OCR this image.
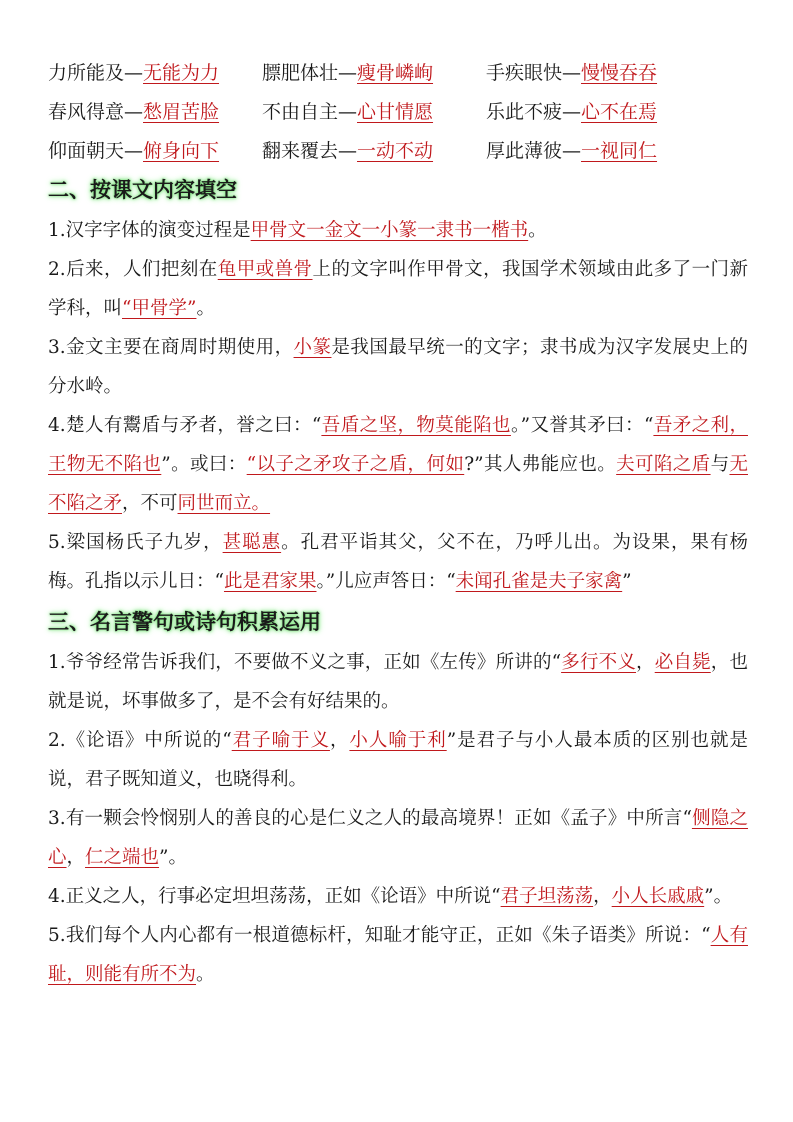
力所能及—无能为力	膘肥体壮—瘦骨嶙峋	手疾眼快—慢慢吞吞
春风得意—愁眉苦脸	不由自主—心甘情愿	乐此不疲—心不在焉
仰面朝天—俯身向下	翻来覆去—一动不动	厚此薄彼—一视同仁
二、按课文内容填空

1.汉字字体的演变过程是甲骨文一金文一小篆一隶书一楷书。

2.后来，人们把刻在龟甲或兽骨上的文字叫作甲骨文，我国学术领域由此多了一门新学科，叫“甲骨学”。

3.金文主要在商周时期使用，小篆是我国最早统一的文字；隶书成为汉字发展史上的分水岭。

4.楚人有鬻盾与矛者，誉之曰：“吾盾之坚，物莫能陷也。”又誉其矛曰：“吾矛之利，王物无不陷也”。或曰：“以子之矛攻子之盾，何如?”其人弗能应也。夫可陷之盾与无不陷之矛，不可同世而立。

5.梁国杨氏子九岁，甚聪惠。孔君平诣其父，父不在，乃呼儿出。为设果，果有杨梅。孔指以示儿日：“此是君家果。”儿应声答日：“未闻孔雀是夫子家禽”

三、名言警句或诗句积累运用

1.爷爷经常告诉我们，不要做不义之事，正如《左传》所讲的“多行不义，必自毙，也就是说，坏事做多了，是不会有好结果的。

2.《论语》中所说的“君子喻于义，小人喻于利”是君子与小人最本质的区别也就是说，君子既知道义，也晓得利。

3.有一颗会怜悯别人的善良的心是仁义之人的最高境界！正如《孟子》中所言“侧隐之心，仁之端也”。

4.正义之人，行事必定坦坦荡荡，正如《论语》中所说“君子坦荡荡，小人长戚戚”。

5.我们每个人内心都有一根道德标杆，知耻才能守正，正如《朱子语类》所说：“人有耻，则能有所不为。
